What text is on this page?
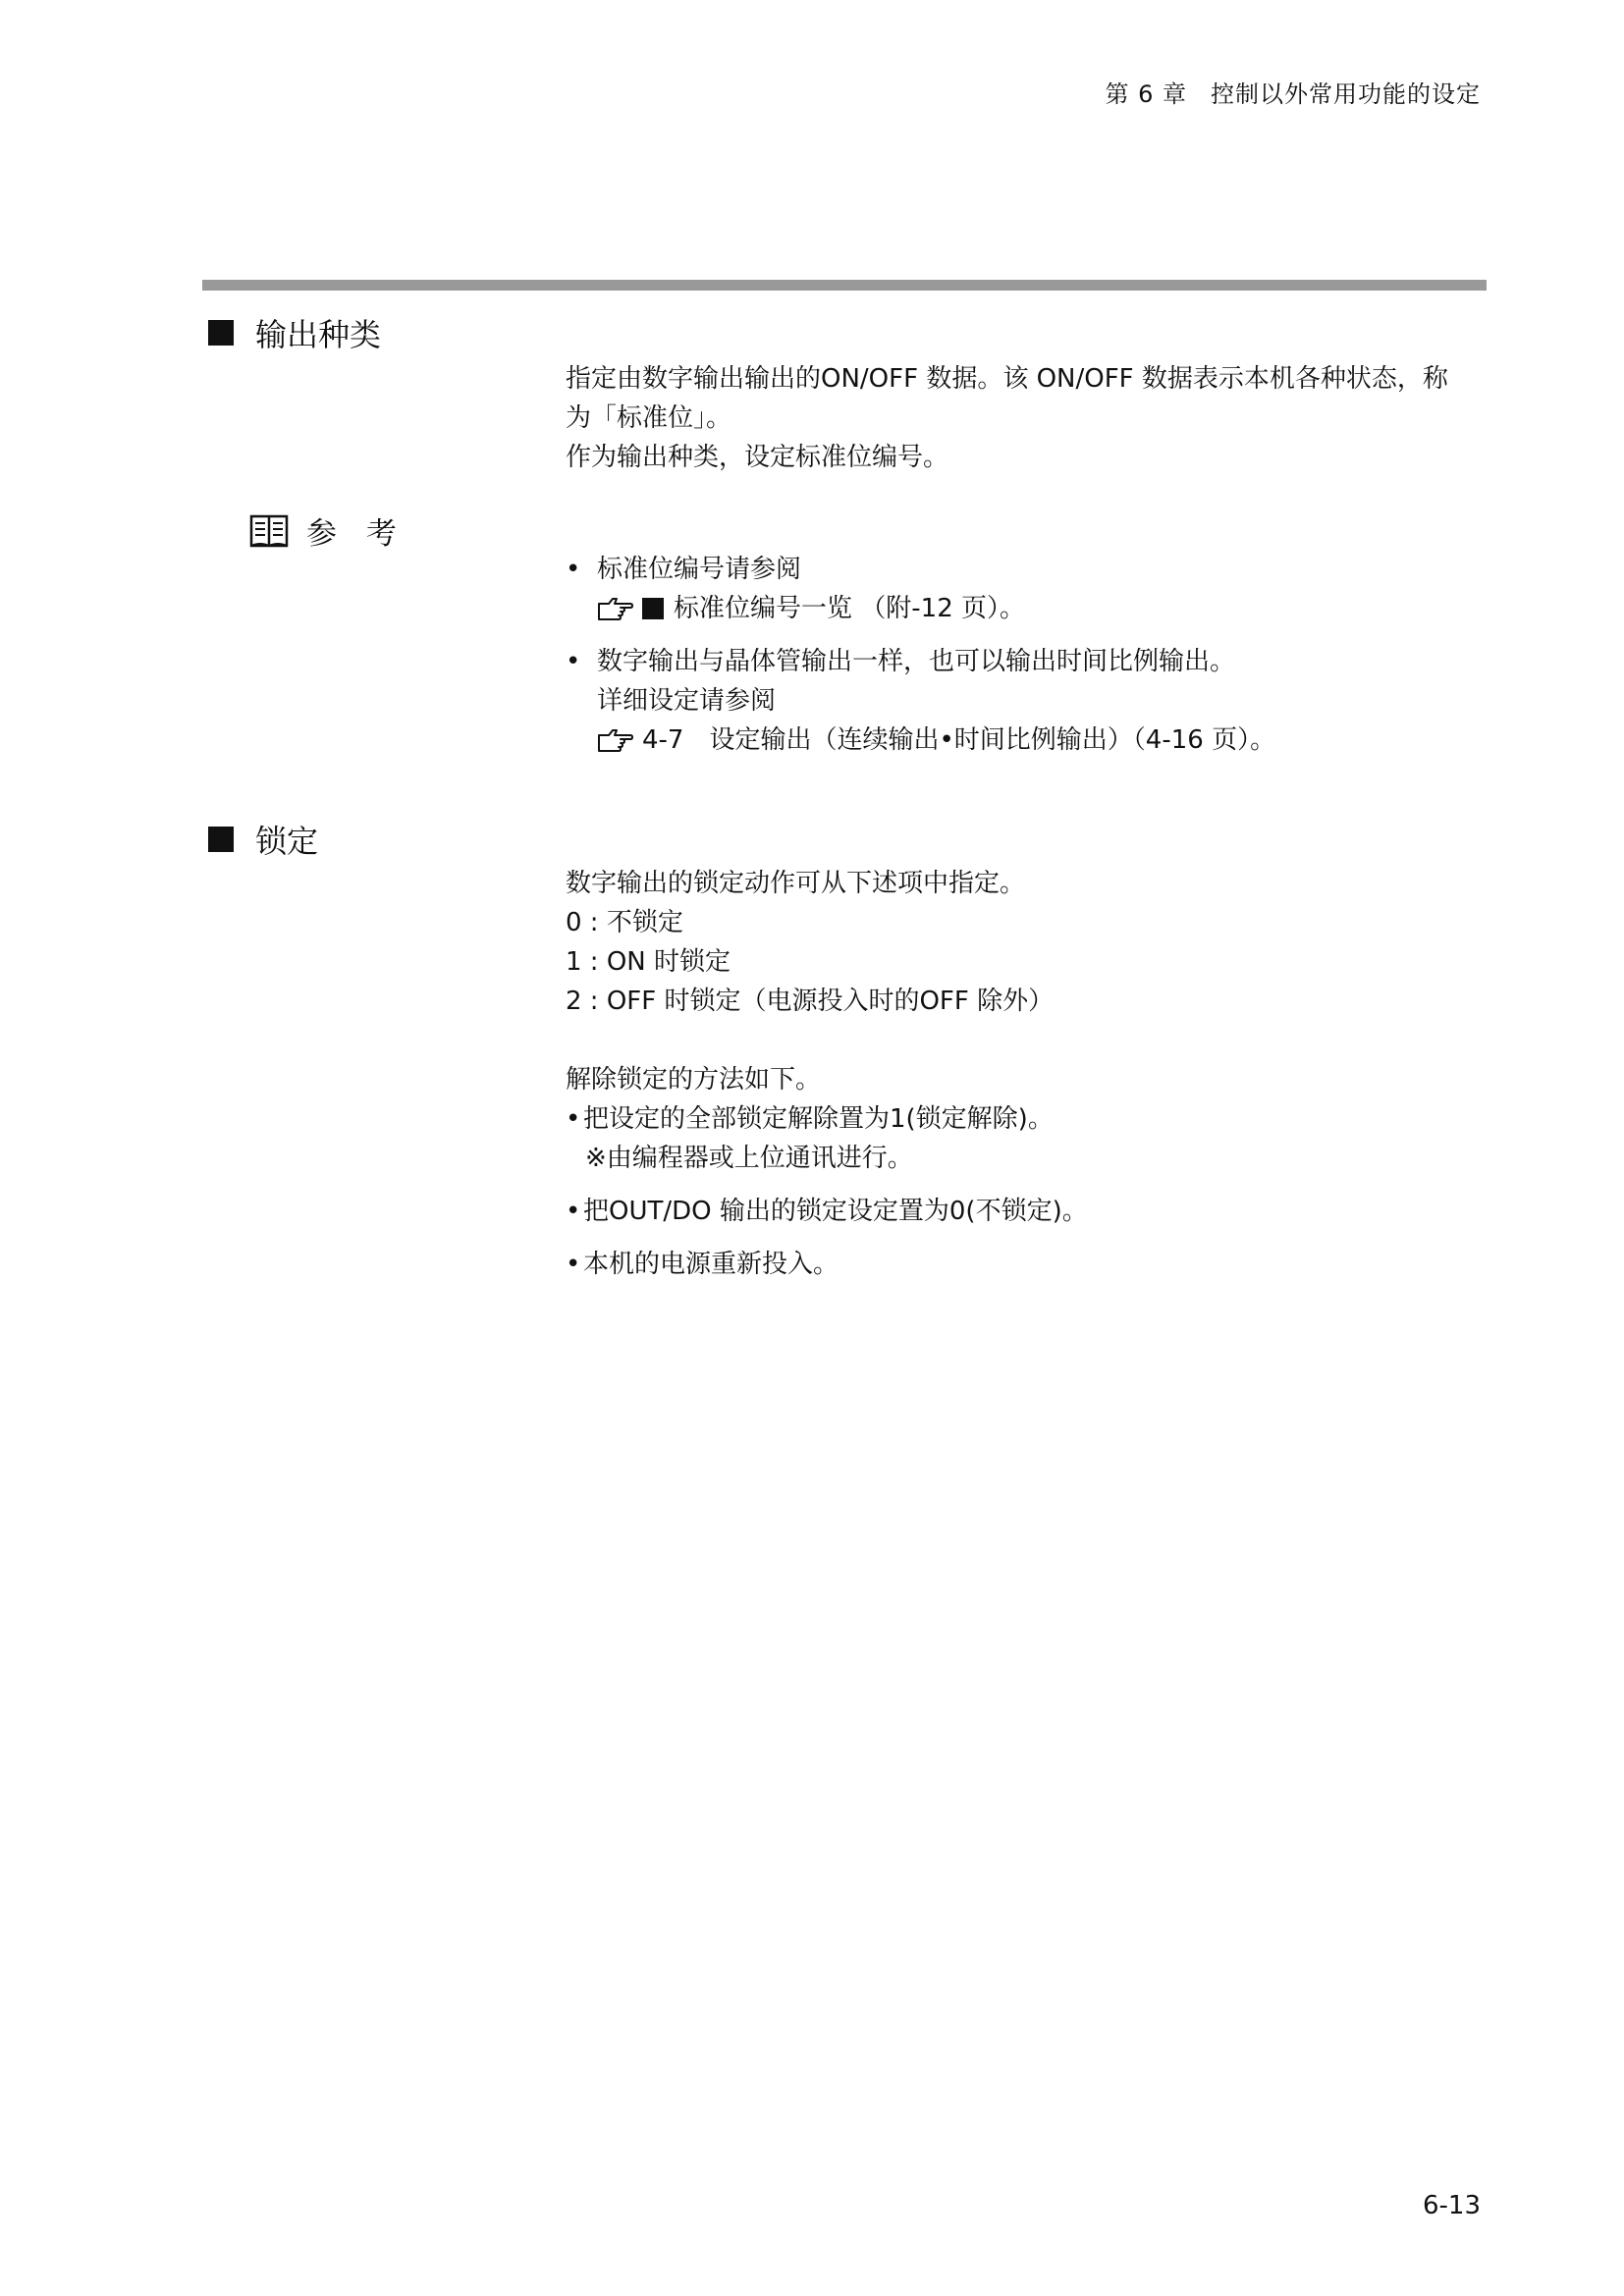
第 6 章 控制以外常用功能的设定
输出种类
指定由数字输出输出的ON/OFF 数据。该 ON/OFF 数据表示本机各种状态，称
为「标准位」。
作为输出种类，设定标准位编号。
参 考
• 标准位编号请参阅
标准位编号一览 （附-12 页）。
• 数字输出与晶体管输出一样，也可以输出时间比例输出。
详细设定请参阅
4-7　设定输出（连续输出•时间比例输出）（4-16 页）。
锁定
数字输出的锁定动作可从下述项中指定。
0 : 不锁定
1 : ON 时锁定
2 : OFF 时锁定（电源投入时的OFF 除外）
解除锁定的方法如下。
• 把设定的全部锁定解除置为1(锁定解除)。
※由编程器或上位通讯进行。
• 把OUT/DO 输出的锁定设定置为0(不锁定)。
• 本机的电源重新投入。
6-13
